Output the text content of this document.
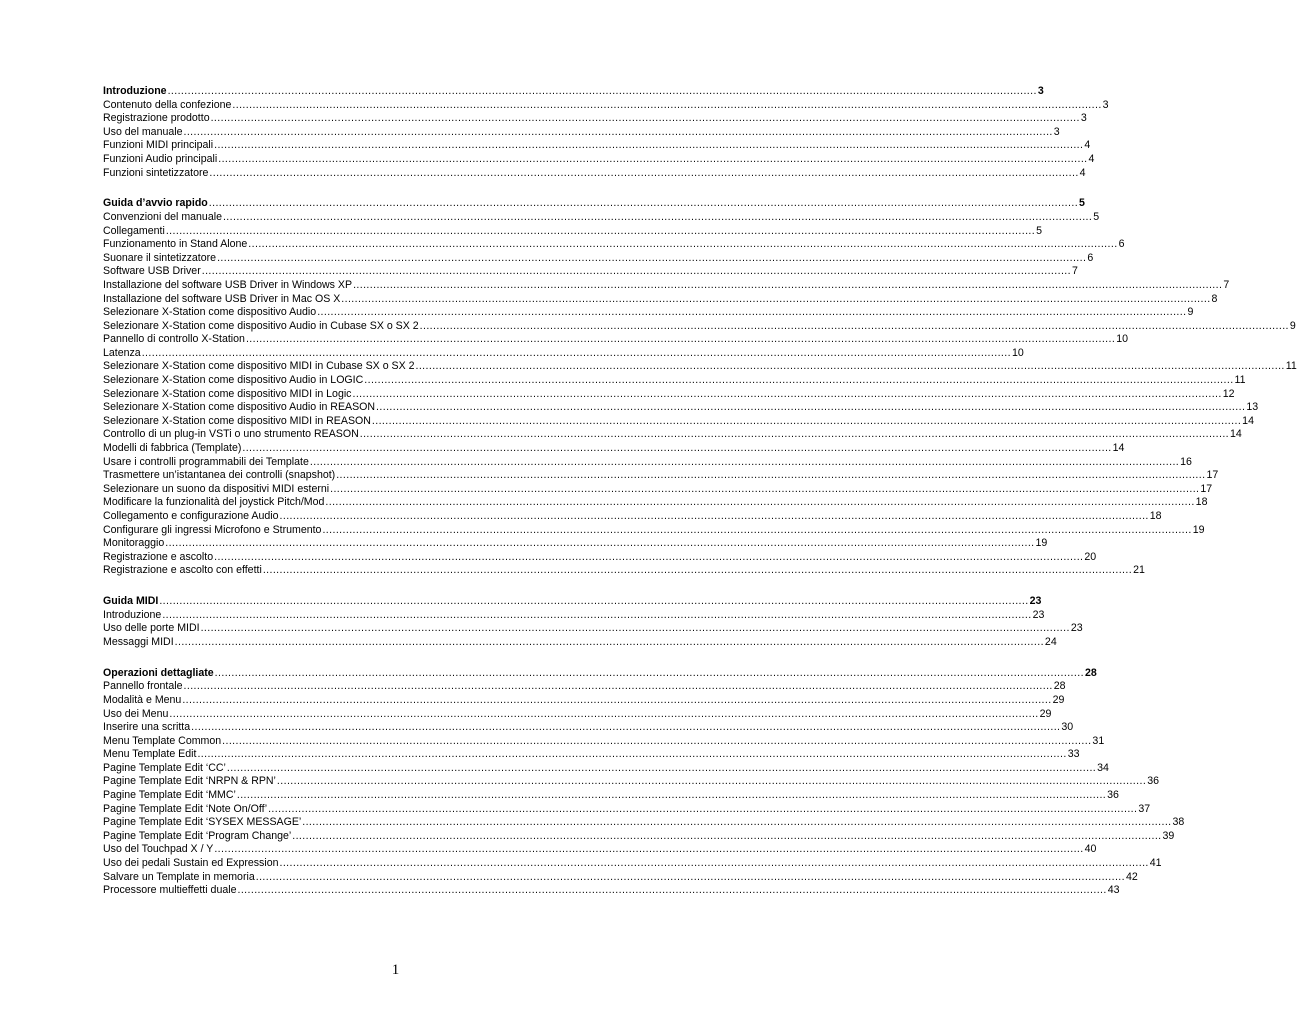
Introduzione .................................................................................................................................................................................................................................................................... 3
Contenuto della confezione .................................................................................................................................................................................................................................................................... 3
Registrazione prodotto .................................................................................................................................................................................................................................................................... 3
Uso del manuale .................................................................................................................................................................................................................................................................... 3
Funzioni MIDI principali .................................................................................................................................................................................................................................................................... 4
Funzioni Audio principali .................................................................................................................................................................................................................................................................... 4
Funzioni sintetizzatore .................................................................................................................................................................................................................................................................... 4
Guida d’avvio rapido .................................................................................................................................................................................................................................................................... 5
Convenzioni del manuale .................................................................................................................................................................................................................................................................... 5
Collegamenti .................................................................................................................................................................................................................................................................... 5
Funzionamento in Stand Alone .................................................................................................................................................................................................................................................................... 6
Suonare il sintetizzatore .................................................................................................................................................................................................................................................................... 6
Software USB Driver .................................................................................................................................................................................................................................................................... 7
Installazione del software USB Driver in Windows XP .................................................................................................................................................................................................................................................................... 7
Installazione del software USB Driver in Mac OS X .................................................................................................................................................................................................................................................................... 8
Selezionare X-Station come dispositivo Audio .................................................................................................................................................................................................................................................................... 9
Selezionare X-Station come dispositivo Audio in Cubase SX o SX 2 .................................................................................................................................................................................................................................................................... 9
Pannello di controllo X-Station .................................................................................................................................................................................................................................................................... 10
Latenza .................................................................................................................................................................................................................................................................... 10
Selezionare X-Station come dispositivo MIDI in Cubase SX o SX 2 .................................................................................................................................................................................................................................................................... 11
Selezionare X-Station come dispositivo Audio in LOGIC .................................................................................................................................................................................................................................................................... 11
Selezionare X-Station come dispositivo MIDI in Logic .................................................................................................................................................................................................................................................................... 12
Selezionare X-Station come dispositivo Audio in REASON .................................................................................................................................................................................................................................................................... 13
Selezionare X-Station come dispositivo MIDI in REASON .................................................................................................................................................................................................................................................................... 14
Controllo di un plug-in VSTi o uno strumento REASON .................................................................................................................................................................................................................................................................... 14
Modelli di fabbrica (Template) .................................................................................................................................................................................................................................................................... 14
Usare i controlli programmabili dei Template .................................................................................................................................................................................................................................................................... 16
Trasmettere un’istantanea dei controlli (snapshot) .................................................................................................................................................................................................................................................................... 17
Selezionare un suono da dispositivi MIDI esterni .................................................................................................................................................................................................................................................................... 17
Modificare la funzionalità del joystick Pitch/Mod .................................................................................................................................................................................................................................................................... 18
Collegamento e configurazione Audio .................................................................................................................................................................................................................................................................... 18
Configurare gli ingressi Microfono e Strumento .................................................................................................................................................................................................................................................................... 19
Monitoraggio .................................................................................................................................................................................................................................................................... 19
Registrazione e ascolto .................................................................................................................................................................................................................................................................... 20
Registrazione e ascolto con effetti .................................................................................................................................................................................................................................................................... 21
Guida MIDI .................................................................................................................................................................................................................................................................... 23
Introduzione .................................................................................................................................................................................................................................................................... 23
Uso delle porte MIDI .................................................................................................................................................................................................................................................................... 23
Messaggi MIDI .................................................................................................................................................................................................................................................................... 24
Operazioni dettagliate .................................................................................................................................................................................................................................................................... 28
Pannello frontale .................................................................................................................................................................................................................................................................... 28
Modalità e Menu .................................................................................................................................................................................................................................................................... 29
Uso dei Menu .................................................................................................................................................................................................................................................................... 29
Inserire una scritta .................................................................................................................................................................................................................................................................... 30
Menu Template Common .................................................................................................................................................................................................................................................................... 31
Menu Template Edit .................................................................................................................................................................................................................................................................... 33
Pagine Template Edit ‘CC’ .................................................................................................................................................................................................................................................................... 34
Pagine Template Edit ‘NRPN & RPN’ .................................................................................................................................................................................................................................................................... 36
Pagine Template Edit ‘MMC’ .................................................................................................................................................................................................................................................................... 36
Pagine Template Edit ‘Note On/Off’ .................................................................................................................................................................................................................................................................... 37
Pagine Template Edit ‘SYSEX MESSAGE’ .................................................................................................................................................................................................................................................................... 38
Pagine Template Edit ‘Program Change’ .................................................................................................................................................................................................................................................................... 39
Uso del Touchpad X / Y .................................................................................................................................................................................................................................................................... 40
Uso dei pedali Sustain ed Expression .................................................................................................................................................................................................................................................................... 41
Salvare un Template in memoria .................................................................................................................................................................................................................................................................... 42
Processore multieffetti duale .................................................................................................................................................................................................................................................................... 43
1
